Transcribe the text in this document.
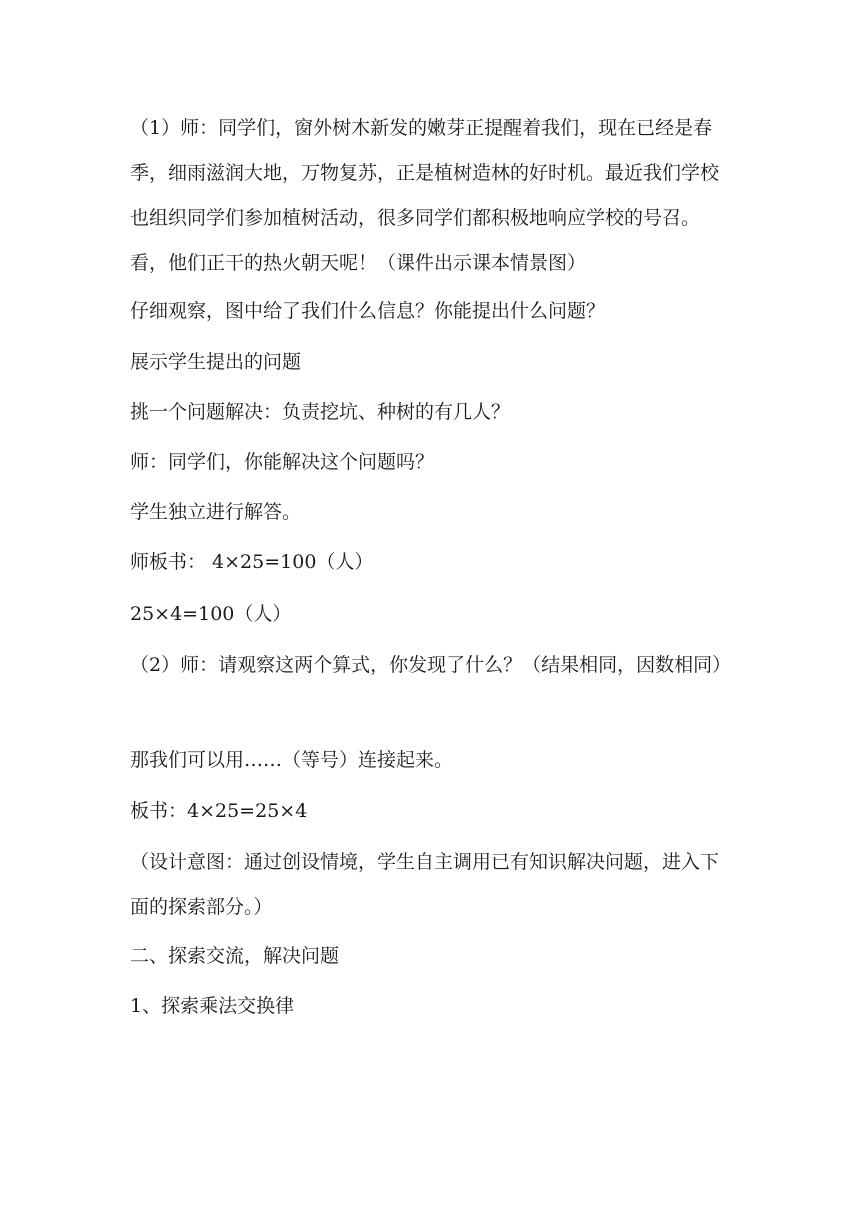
（1）师：同学们，窗外树木新发的嫩芽正提醒着我们，现在已经是春季，细雨滋润大地，万物复苏，正是植树造林的好时机。最近我们学校也组织同学们参加植树活动，很多同学们都积极地响应学校的号召。看，他们正干的热火朝天呢！（课件出示课本情景图）

仔细观察，图中给了我们什么信息？你能提出什么问题？

展示学生提出的问题

挑一个问题解决：负责挖坑、种树的有几人？

师：同学们，你能解决这个问题吗？

学生独立进行解答。

师板书： 4×25=100（人）

25×4=100（人）

（2）师：请观察这两个算式，你发现了什么？（结果相同，因数相同）

那我们可以用……（等号）连接起来。

板书：4×25=25×4

（设计意图：通过创设情境，学生自主调用已有知识解决问题，进入下面的探索部分。）

二、探索交流，解决问题

1、探索乘法交换律
